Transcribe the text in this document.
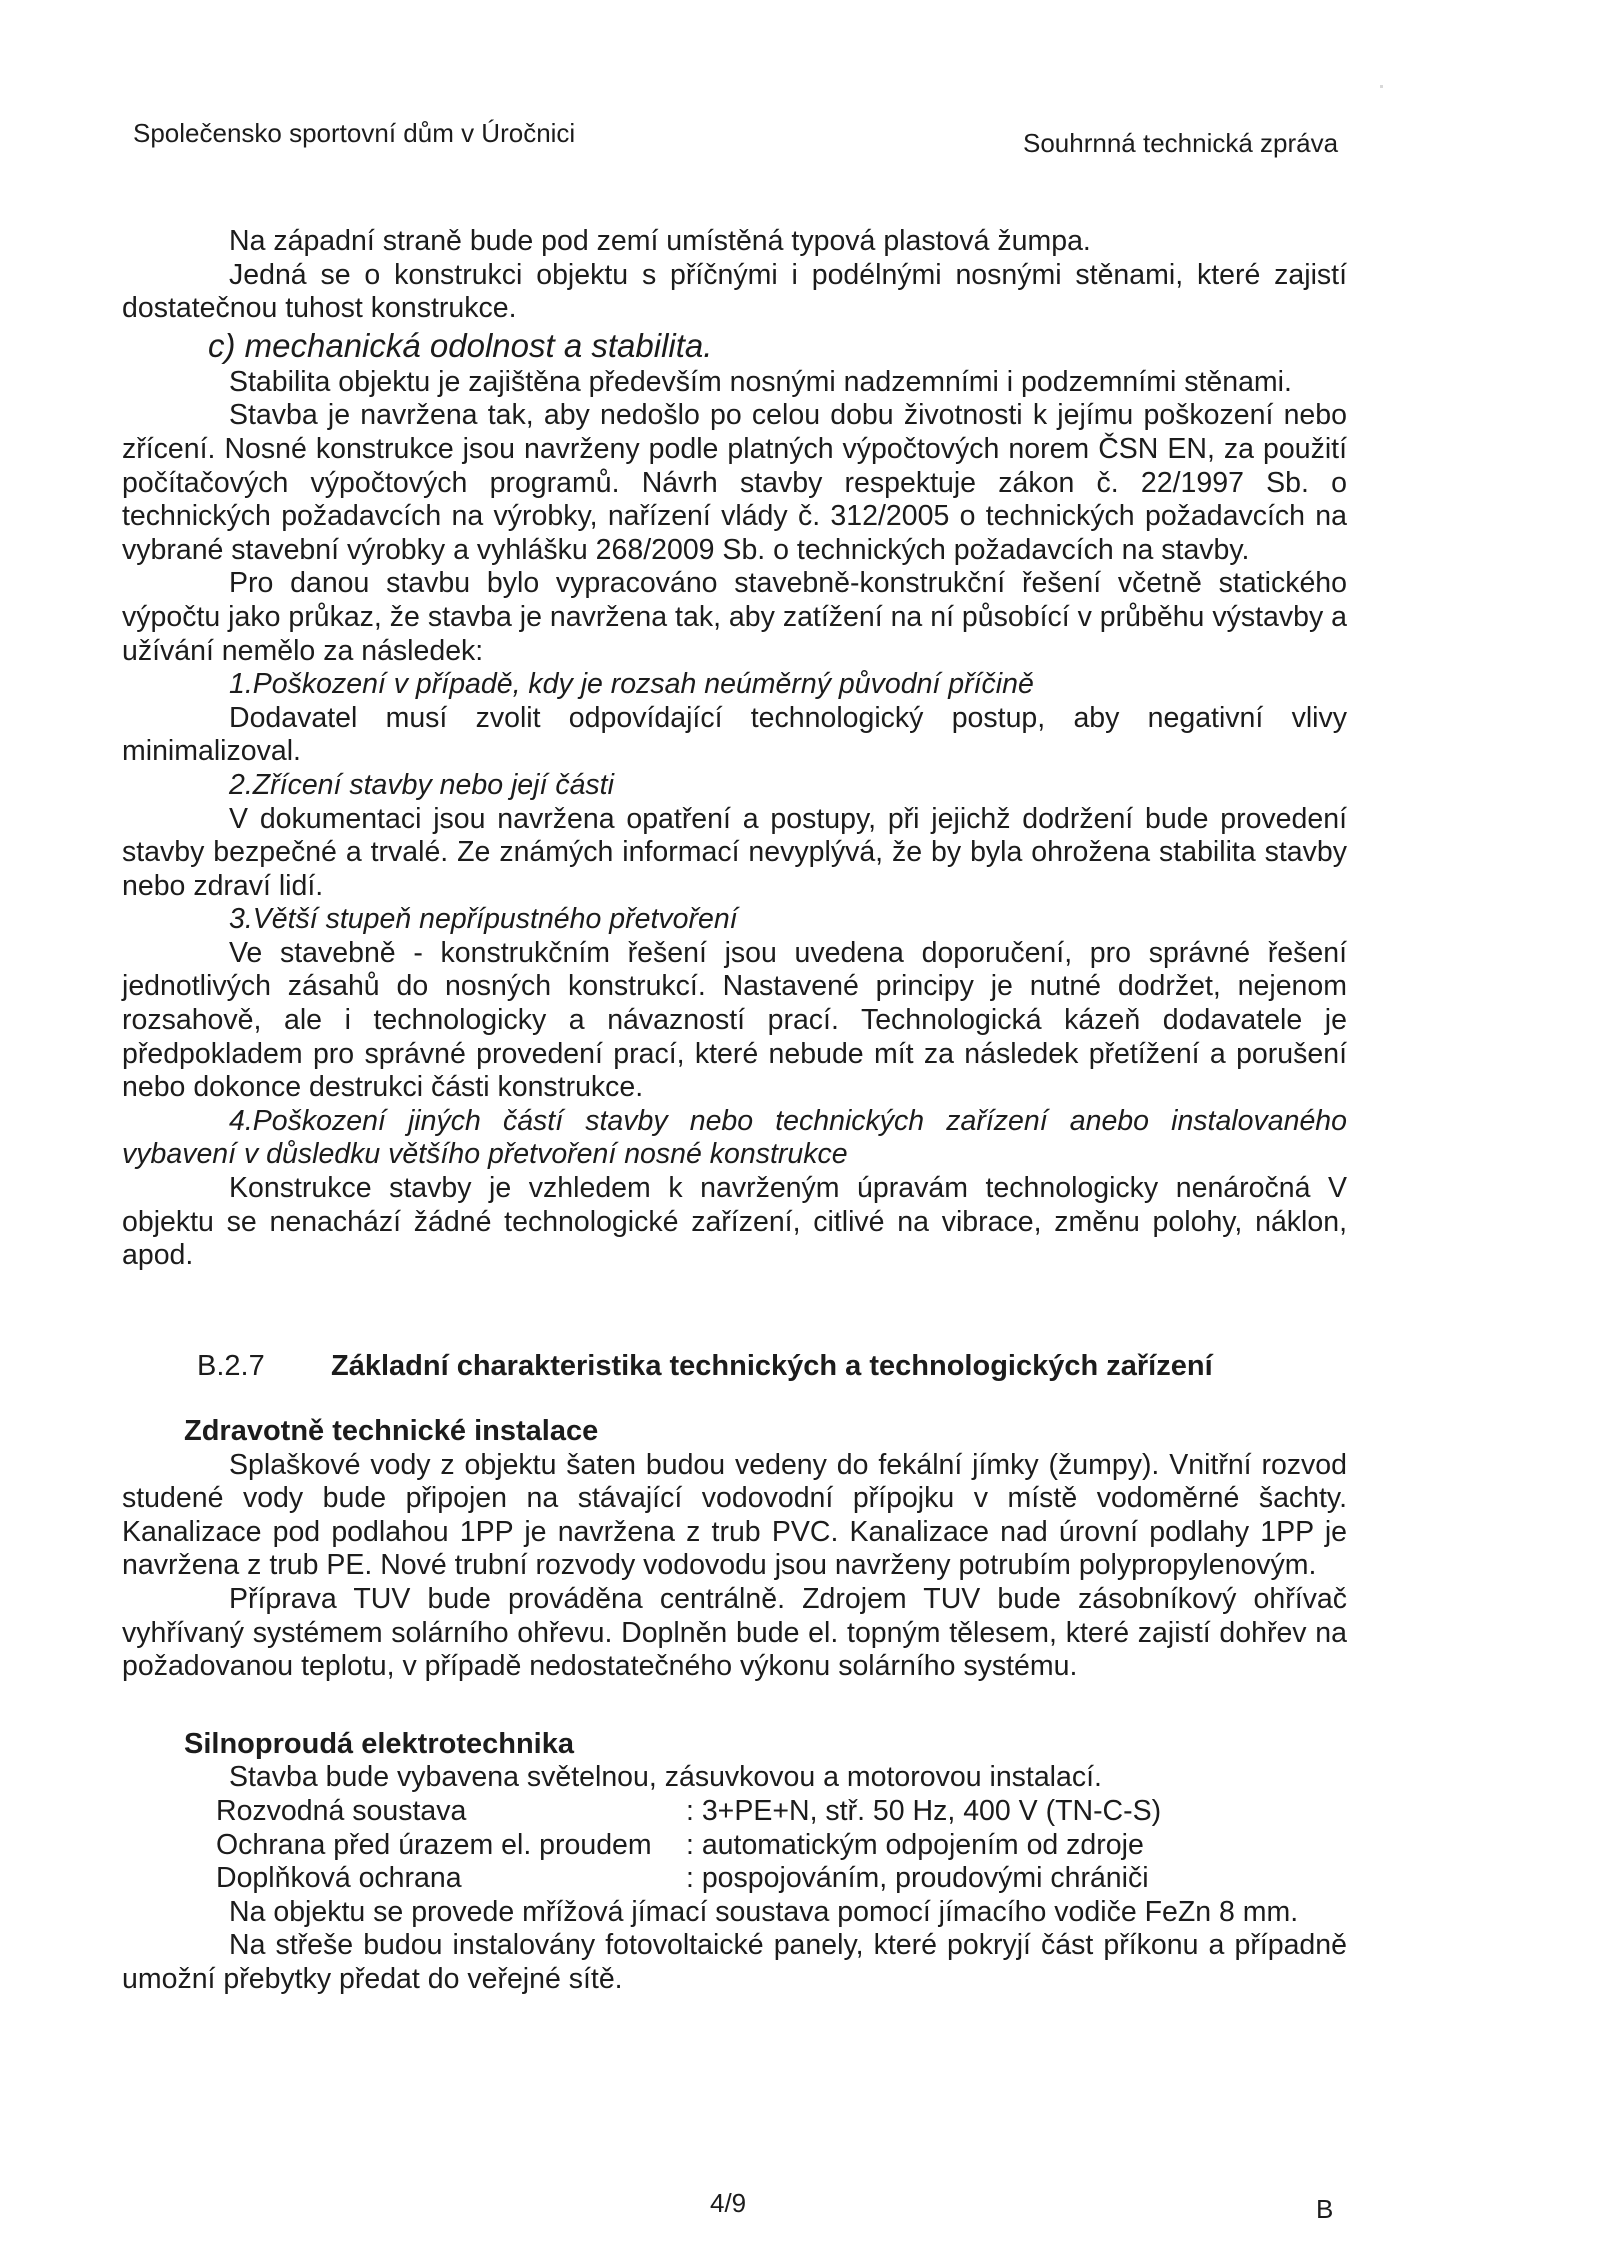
Společensko sportovní dům v Úročnici	Souhrnná technická zpráva

Na západní straně bude pod zemí umístěná typová plastová žumpa.

Jedná se o konstrukci objektu s příčnými i podélnými nosnými stěnami, které zajistí dostatečnou tuhost konstrukce.

c) mechanická odolnost a stabilita.

Stabilita objektu je zajištěna především nosnými nadzemními i podzemními stěnami.

Stavba je navržena tak, aby nedošlo po celou dobu životnosti k jejímu poškození nebo zřícení. Nosné konstrukce jsou navrženy podle platných výpočtových norem ČSN EN, za použití počítačových výpočtových programů. Návrh stavby respektuje zákon č. 22/1997 Sb. o technických požadavcích na výrobky, nařízení vlády č. 312/2005 o technických požadavcích na vybrané stavební výrobky a vyhlášku 268/2009 Sb. o technických požadavcích na stavby.

Pro danou stavbu bylo vypracováno stavebně-konstrukční řešení včetně statického výpočtu jako průkaz, že stavba je navržena tak, aby zatížení na ní působící v průběhu výstavby a užívání nemělo za následek:

1.Poškození v případě, kdy je rozsah neúměrný původní příčině

Dodavatel musí zvolit odpovídající technologický postup, aby negativní vlivy minimalizoval.

2.Zřícení stavby nebo její části

V dokumentaci jsou navržena opatření a postupy, při jejichž dodržení bude provedení stavby bezpečné a trvalé. Ze známých informací nevyplývá, že by byla ohrožena stabilita stavby nebo zdraví lidí.

3.Větší stupeň nepřípustného přetvoření

Ve stavebně - konstrukčním řešení jsou uvedena doporučení, pro správné řešení jednotlivých zásahů do nosných konstrukcí. Nastavené principy je nutné dodržet, nejenom rozsahově, ale i technologicky a návazností prací. Technologická kázeň dodavatele je předpokladem pro správné provedení prací, které nebude mít za následek přetížení a porušení nebo dokonce destrukci části konstrukce.

4.Poškození jiných částí stavby nebo technických zařízení anebo instalovaného vybavení v důsledku většího přetvoření nosné konstrukce

Konstrukce stavby je vzhledem k navrženým úpravám technologicky nenáročná V objektu se nenachází žádné technologické zařízení, citlivé na vibrace, změnu polohy, náklon, apod.

B.2.7 Základní charakteristika technických a technologických zařízení

Zdravotně technické instalace

Splaškové vody z objektu šaten budou vedeny do fekální jímky (žumpy). Vnitřní rozvod studené vody bude připojen na stávající vodovodní přípojku v místě vodoměrné šachty. Kanalizace pod podlahou 1PP je navržena z trub PVC. Kanalizace nad úrovní podlahy 1PP je navržena z trub PE. Nové trubní rozvody vodovodu jsou navrženy potrubím polypropylenovým.

Příprava TUV bude prováděna centrálně. Zdrojem TUV bude zásobníkový ohřívač vyhřívaný systémem solárního ohřevu. Doplněn bude el. topným tělesem, které zajistí dohřev na požadovanou teplotu, v případě nedostatečného výkonu solárního systému.

Silnoproudá elektrotechnika

Stavba bude vybavena světelnou, zásuvkovou a motorovou instalací.

Rozvodná soustava	: 3+PE+N, stř. 50 Hz, 400 V (TN-C-S)
Ochrana před úrazem el. proudem	: automatickým odpojením od zdroje
Doplňková ochrana	: pospojováním, proudovými chrániči

Na objektu se provede mřížová jímací soustava pomocí jímacího vodiče FeZn 8 mm.

Na střeše budou instalovány fotovoltaické panely, které pokryjí část příkonu a případně umožní přebytky předat do veřejné sítě.

4/9	B
